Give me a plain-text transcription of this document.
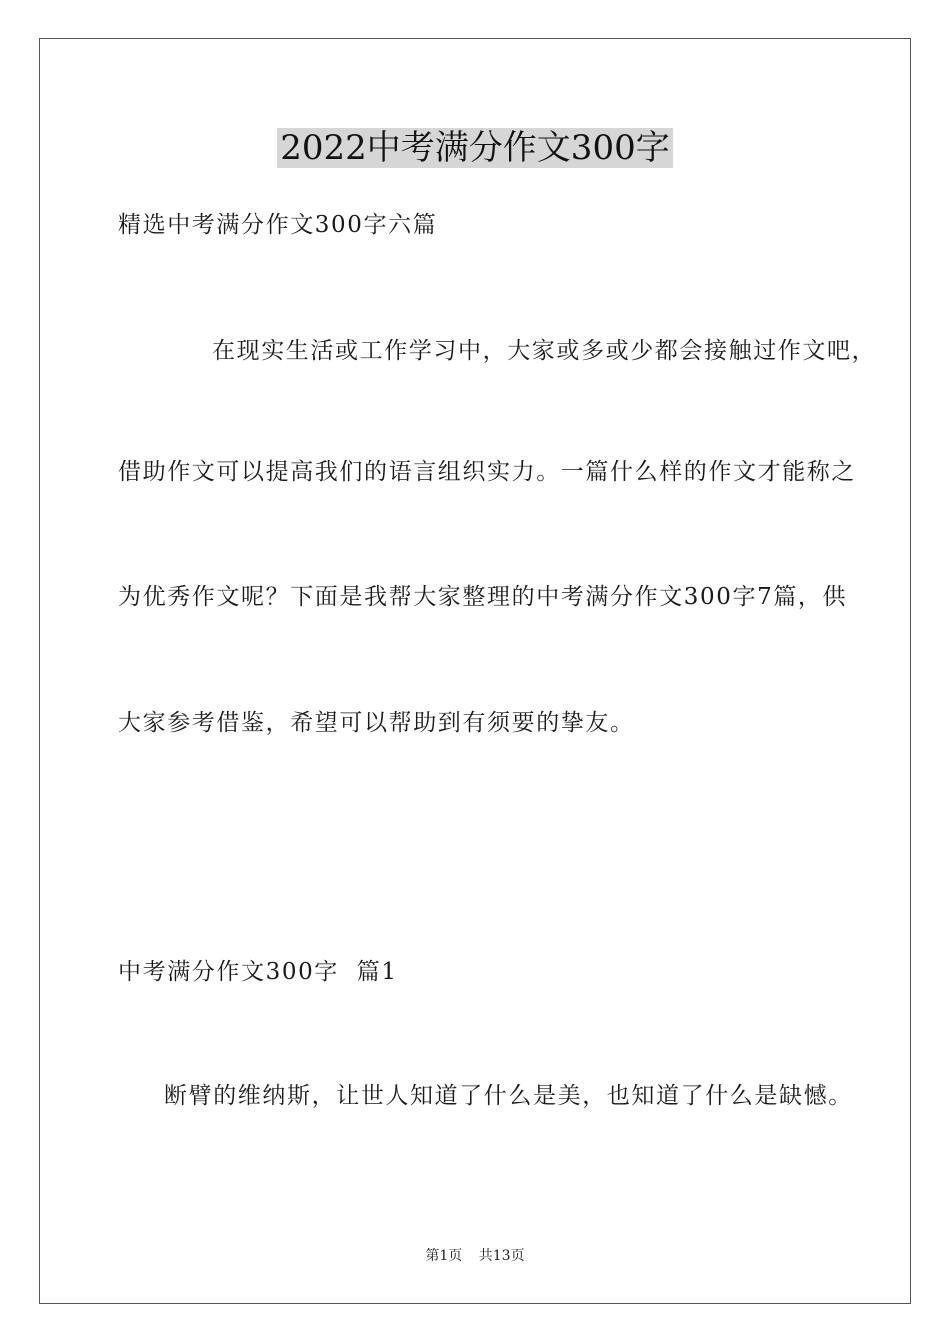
2022中考满分作文300字
精选中考满分作文300字六篇
在现实生活或工作学习中，大家或多或少都会接触过作文吧，
借助作文可以提高我们的语言组织实力。一篇什么样的作文才能称之
为优秀作文呢？下面是我帮大家整理的中考满分作文300字7篇，供
大家参考借鉴，希望可以帮助到有须要的挚友。
中考满分作文300字  篇1
断臂的维纳斯，让世人知道了什么是美，也知道了什么是缺憾。
第1页 共13页
